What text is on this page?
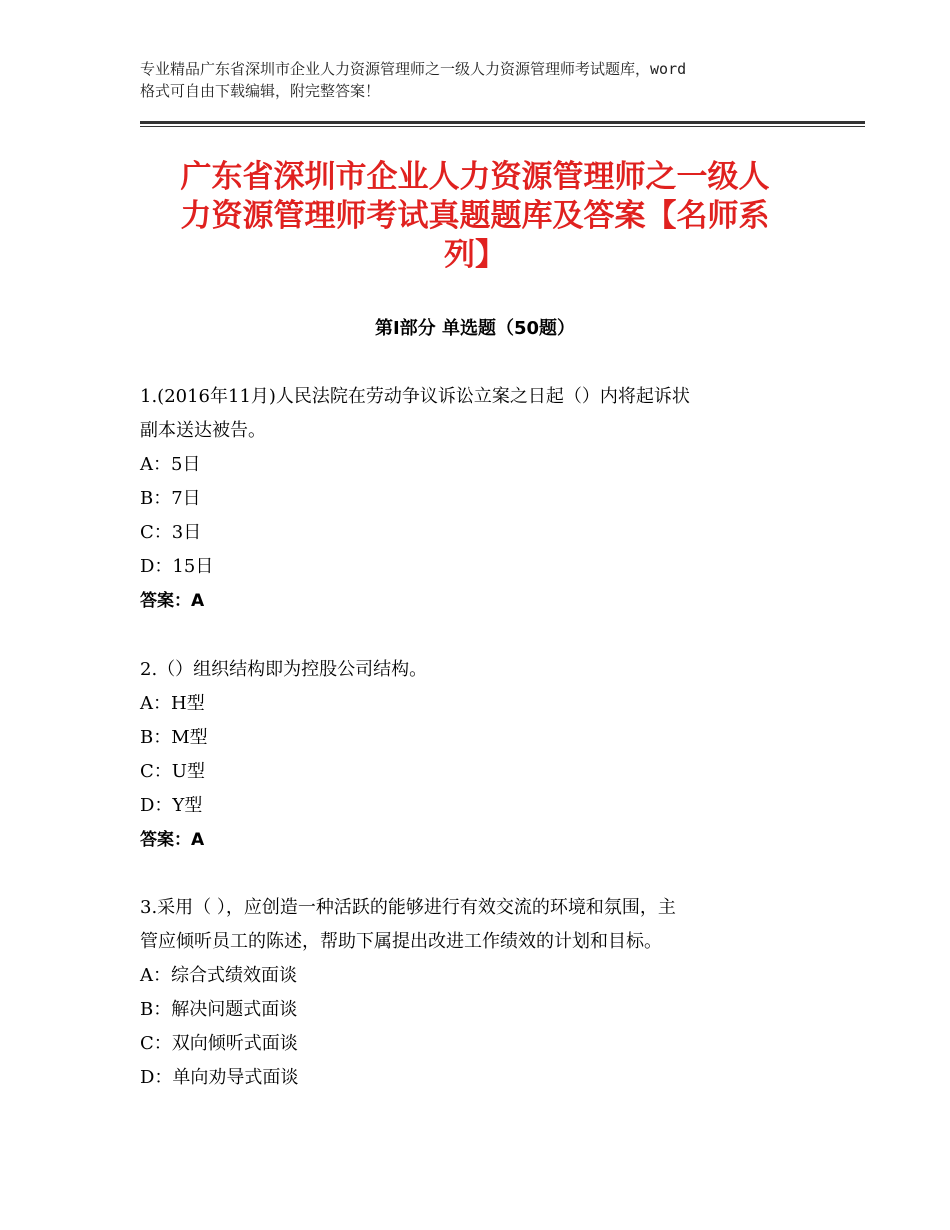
专业精品广东省深圳市企业人力资源管理师之一级人力资源管理师考试题库，word
格式可自由下载编辑，附完整答案！
广东省深圳市企业人力资源管理师之一级人
力资源管理师考试真题题库及答案【名师系
列】
第Ⅰ部分 单选题（50题）

1.(2016年11月)人民法院在劳动争议诉讼立案之日起（）内将起诉状

副本送达被告。

A：5日

B：7日

C：3日

D：15日

答案：A

2.（）组织结构即为控股公司结构。

A：H型

B：M型

C：U型

D：Y型

答案：A

3.采用（ ），应创造一种活跃的能够进行有效交流的环境和氛围，主

管应倾听员工的陈述，帮助下属提出改进工作绩效的计划和目标。

A：综合式绩效面谈

B：解决问题式面谈

C：双向倾听式面谈

D：单向劝导式面谈
